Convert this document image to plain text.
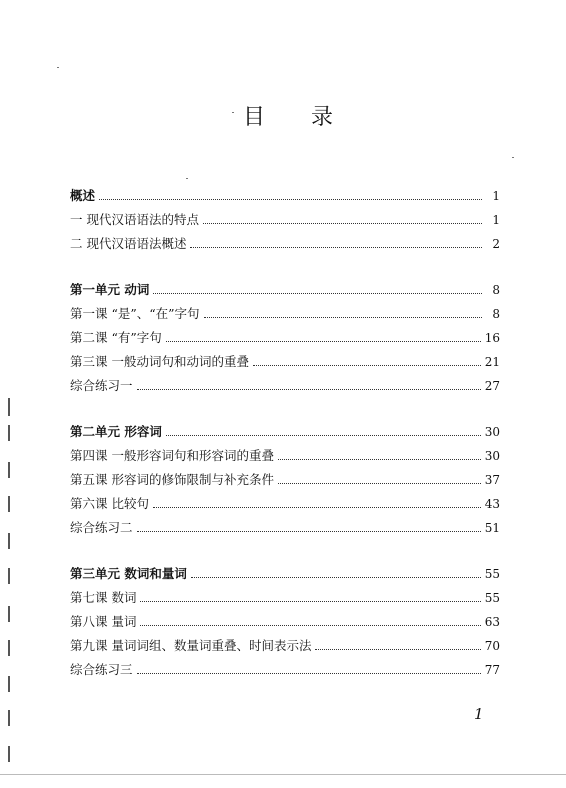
目 录
概述	1
一 现代汉语语法的特点	1
二 现代汉语语法概述	2
第一单元 动词	8
第一课 “是”、“在”字句	8
第二课 “有”字句	16
第三课 一般动词句和动词的重叠	21
综合练习一	27
第二单元 形容词	30
第四课 一般形容词句和形容词的重叠	30
第五课 形容词的修饰限制与补充条件	37
第六课 比较句	43
综合练习二	51
第三单元 数词和量词	55
第七课 数词	55
第八课 量词	63
第九课 量词词组、数量词重叠、时间表示法	70
综合练习三	77
1
